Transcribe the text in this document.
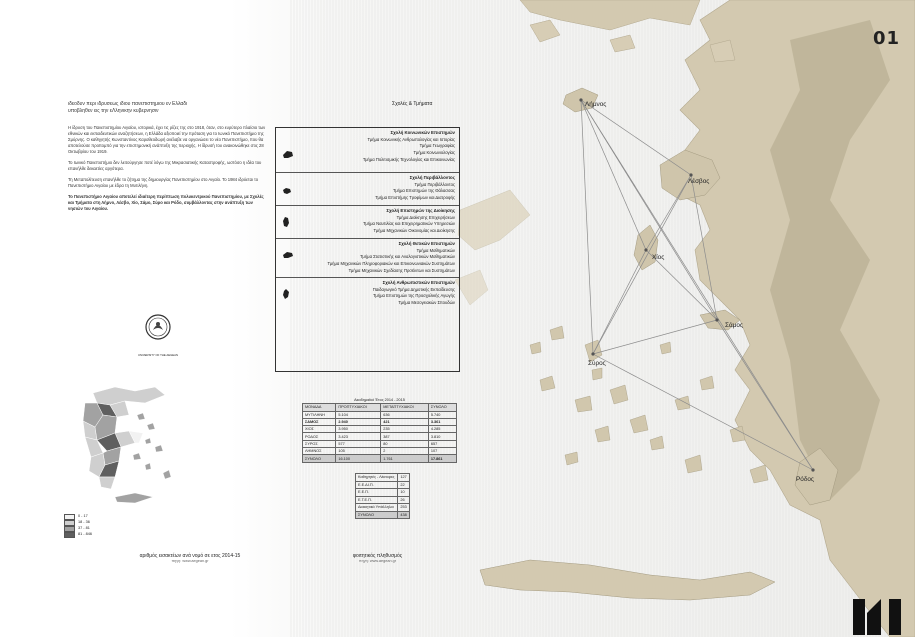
Λήμνος
Λέσβος
Χίος
Σάμος
Σύρος
Ρόδος
01
ιδεοδυν περι ιδρυσεως ιδιου πανεπιστημιου εν Ελλαδι
υποβληθεν εις την εΛληνικην κυβερνησιν

Η ίδρυση του Πανεπιστημίου Αιγαίου, ιστορικά, έχει τις ρίζες της στο 1918, όταν, στο ευρύτερο πλαίσιο των εθνικών και εκπαιδευτικών αναζητήσεων, η Ελλάδα αξιοποιεί την πρόταση για το Ιωνικό Πανεπιστήμιο της Σμύρνης. Ο καθηγητής Κωνσταντίνος Καραθεοδωρή ανέλαβε να οργανώσει το νέο Πανεπιστήμιο, που θα αποτελούσε προπομπό για την επιστημονική ανάπτυξη της περιοχής. Η ίδρυσή του ανακοινώθηκε στις 28 Οκτωβρίου του 1919.

Το Ιωνικό Πανεπιστήμιο δεν λειτούργησε ποτέ λόγω της Μικρασιατικής Καταστροφής, ωστόσο η ιδέα του επανήλθε δεκαετίες αργότερα.

Τη Μεταπολίτευση επανήλθε το ζήτημα της δημιουργίας Πανεπιστημίου στο Αιγαίο. Το 1984 ιδρύεται το Πανεπιστήμιο Αιγαίου με έδρα τη Μυτιλήνη.

Το Πανεπιστήμιο Αιγαίου αποτελεί ιδιαίτερη περίπτωση πολυκεντρικού Πανεπιστημίου, με Σχολές και Τμήματα στη Λήμνο, Λέσβο, Χίο, Σάμο, Σύρο και Ρόδο, συμβάλλοντας στην ανάπτυξη των νησιών του Αιγαίου.

UNIVERSITY OF THE AEGEAN
0 - 17
18 - 36
37 - 81
81 - 846
αριθμός εισακτέων ανά νομό σε ετος 2014-15
πηγη: www.aegean.gr
Σχολές & Τμήματα
Σχολή Κοινωνικών Επιστημών
Τμήμα Κοινωνικής Ανθρωπολογίας και Ιστορίας
Τμήμα Γεωγραφίας
Τμήμα Κοινωνιολογίας
Τμήμα Πολιτισμικής Τεχνολογίας και Επικοινωνίας
Σχολή Περιβάλλοντος
Τμήμα Περιβάλλοντος
Τμήμα Επιστημών της Θάλασσας
Τμήμα Επιστήμης Τροφίμων και Διατροφής
Σχολή Επιστημών της Διοίκησης
Τμήμα Διοίκησης Επιχειρήσεων
Τμήμα Ναυτιλίας και Επιχειρηματικών Υπηρεσιών
Τμήμα Μηχανικών Οικονομίας και Διοίκησης
Σχολή Θετικών Επιστημών
Τμήμα Μαθηματικών
Τμήμα Στατιστικής και Αναλογιστικών Μαθηματικών
Τμήμα Μηχανικών Πληροφοριακών και Επικοινωνιακών Συστημάτων
Τμήμα Μηχανικών Σχεδίασης Προϊόντων και Συστημάτων
Σχολή Ανθρωπιστικών Επιστημών
Παιδαγωγικό Τμήμα Δημοτικής Εκπαίδευσης
Τμήμα Επιστημών της Προσχολικής Αγωγής
Τμήμα Μεσογειακών Σπουδών
Ακαδημαϊκό Έτος 2014 - 2015			
ΜΟΝΑΔΑ	ΠΡΟΠΤΥΧΙΑΚΟΙ	ΜΕΤΑΠΤΥΧΙΑΚΟΙ	ΣΥΝΟΛΟ
ΜΥΤΙΛΗΝΗ	5.104	636	5.740
ΣΑΜΟΣ	2.940	421	3.361
ΧΙΟΣ	3.950	235	4.285
ΡΟΔΟΣ	3.423	387	3.810
ΣΥΡΟΣ	577	80	657
ΛΗΜΝΟΣ	105	2	107
ΣΥΝΟΛΟ	16.100	1.761	17.861
Καθηγητές - Λέκτορες	127
Ε.Ε.ΔΙ.Π.	22
Ε.Ε.Π.	10
Ε.Τ.Ε.Π.	26
Διοικητικό Υπάλληλοι	253
ΣΥΝΟΛΟ	438
φοιτητικός πληθυσμός
πηγη: www.aegean.gr
